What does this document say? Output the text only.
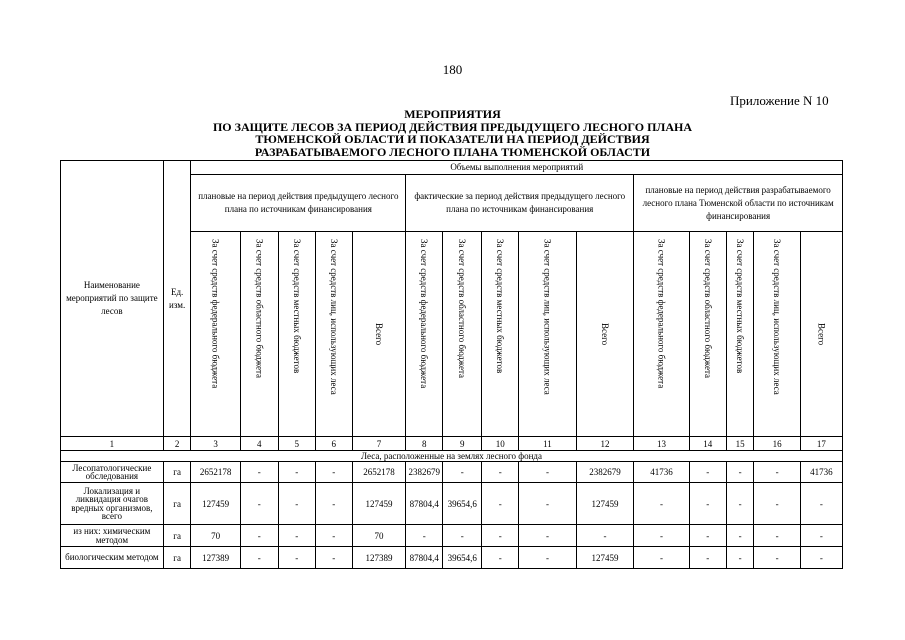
180
Приложение N 10
МЕРОПРИЯТИЯ
ПО ЗАЩИТЕ ЛЕСОВ ЗА ПЕРИОД ДЕЙСТВИЯ ПРЕДЫДУЩЕГО ЛЕСНОГО ПЛАНА
ТЮМЕНСКОЙ ОБЛАСТИ И ПОКАЗАТЕЛИ НА ПЕРИОД ДЕЙСТВИЯ
РАЗРАБАТЫВАЕМОГО ЛЕСНОГО ПЛАНА ТЮМЕНСКОЙ ОБЛАСТИ
Наименование мероприятий по защите лесов	Ед. изм.	Объемы выполнения мероприятий														
		плановые на период действия предыдущего лесного плана по источникам финансирования					фактические за период действия предыдущего лесного плана по источникам финансирования					плановые на период действия разрабатываемого лесного плана Тюменской области по источникам финансирования				

		За счет средств федерального бюджета	За счет средств областного бюджета	За счет средств местных бюджетов	За счет средств лиц, использующих леса	Всего	За счет средств федерального бюджета	За счет средств областного бюджета	За счет средств местных бюджетов	За счет средств лиц, использующих леса	Всего	За счет средств федерального бюджета	За счет средств областного бюджета	За счет средств местных бюджетов	За счет средств лиц, использующих леса	Всего

1	2	3	4	5	6	7	8	9	10	11	12	13	14	15	16	17
Леса, расположенные на землях лесного фонда																
Лесопатологические обследования	га	2652178	-	-	-	2652178	2382679	-	-	-	2382679	41736	-	-	-	41736
Локализация и ликвидация очагов вредных организмов, всего	га	127459	-	-	-	127459	87804,4	39654,6	-	-	127459	-	-	-	-	-
из них: химическим методом	га	70	-	-	-	70	-	-	-	-	-	-	-	-	-	-
биологическим методом	га	127389	-	-	-	127389	87804,4	39654,6	-	-	127459	-	-	-	-	-
